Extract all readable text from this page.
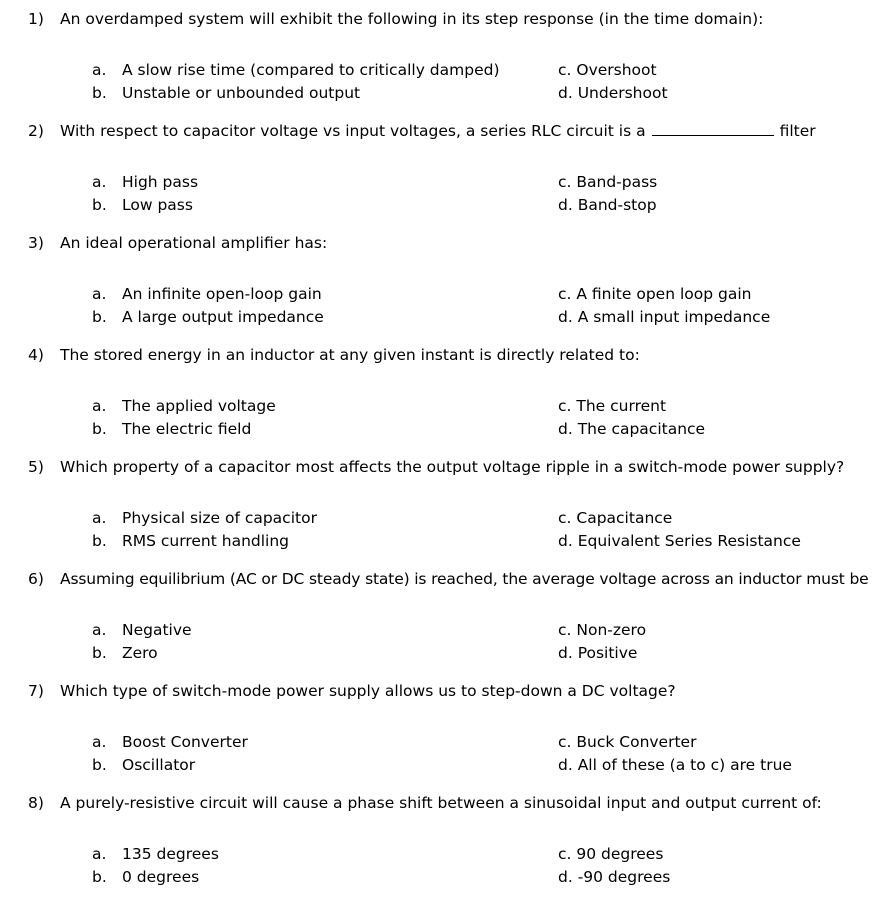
1) An overdamped system will exhibit the following in its step response (in the time domain):
a. A slow rise time (compared to critically damped)
b. Unstable or unbounded output
c. Overshoot
d. Undershoot
2) With respect to capacitor voltage vs input voltages, a series RLC circuit is a	filter
a. High pass
b. Low pass
c. Band-pass
d. Band-stop
3) An ideal operational amplifier has:
a. An infinite open-loop gain
b. A large output impedance
c. A finite open loop gain
d. A small input impedance
4) The stored energy in an inductor at any given instant is directly related to:
a. The applied voltage
b. The electric field
c. The current
d. The capacitance
5) Which property of a capacitor most affects the output voltage ripple in a switch-mode power supply?
a. Physical size of capacitor
b. RMS current handling
c. Capacitance
d. Equivalent Series Resistance
6) Assuming equilibrium (AC or DC steady state) is reached, the average voltage across an inductor must be
a. Negative
b. Zero
c. Non-zero
d. Positive
7) Which type of switch-mode power supply allows us to step-down a DC voltage?
a. Boost Converter
b. Oscillator
c. Buck Converter
d. All of these (a to c) are true
8) A purely-resistive circuit will cause a phase shift between a sinusoidal input and output current of:
a. 135 degrees
b. 0 degrees
c. 90 degrees
d. -90 degrees
